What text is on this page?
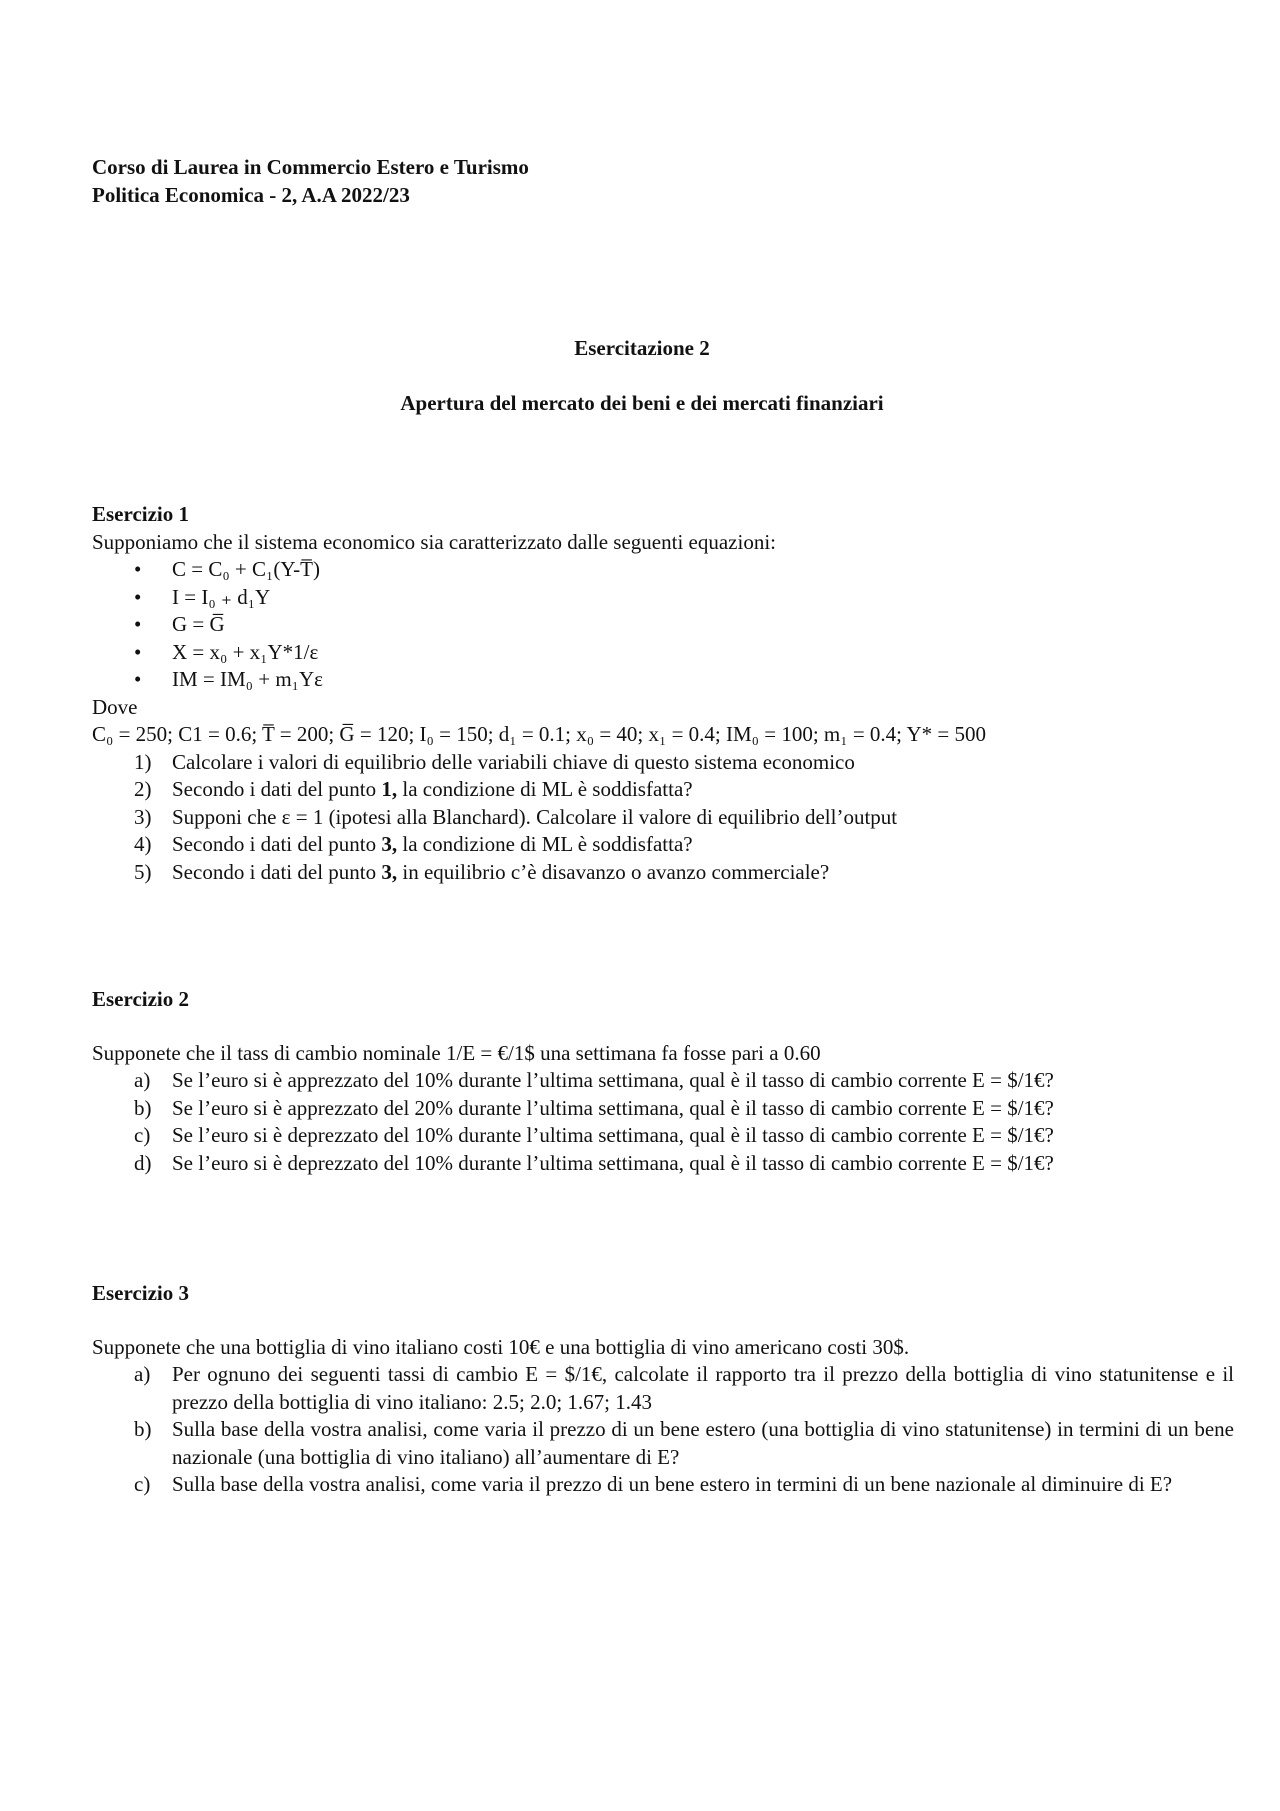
Corso di Laurea in Commercio Estero e Turismo
Politica Economica - 2, A.A 2022/23
Esercitazione 2
Apertura del mercato dei beni e dei mercati finanziari
Esercizio 1
Supponiamo che il sistema economico sia caratterizzato dalle seguenti equazioni:
• C = C₀ + C₁(Y-T̅)
• I = I₀ ₊ d₁Y
• G = G̅
• X = x₀ + x₁Y*1/ε
• IM = IM₀ + m₁Yε
Dove
C₀ = 250; C1 = 0.6; T̅ = 200; G̅ = 120; I₀ = 150; d₁ = 0.1; x₀ = 40; x₁ = 0.4; IM₀ = 100; m₁ = 0.4; Y* = 500
1) Calcolare i valori di equilibrio delle variabili chiave di questo sistema economico
2) Secondo i dati del punto 1, la condizione di ML è soddisfatta?
3) Supponi che ε = 1 (ipotesi alla Blanchard). Calcolare il valore di equilibrio dell’output
4) Secondo i dati del punto 3, la condizione di ML è soddisfatta?
5) Secondo i dati del punto 3, in equilibrio c’è disavanzo o avanzo commerciale?
Esercizio 2
Supponete che il tass di cambio nominale 1/E = €/1$ una settimana fa fosse pari a 0.60
a)	Se l’euro si è apprezzato del 10% durante l’ultima settimana, qual è il tasso di cambio corrente E = $/1€?
b) Se l’euro si è apprezzato del 20% durante l’ultima settimana, qual è il tasso di cambio corrente E = $/1€?
c)	Se l’euro si è deprezzato del 10% durante l’ultima settimana, qual è il tasso di cambio corrente E = $/1€?
d) Se l’euro si è deprezzato del 10% durante l’ultima settimana, qual è il tasso di cambio corrente E = $/1€?
Esercizio 3
Supponete che una bottiglia di vino italiano costi 10€ e una bottiglia di vino americano costi 30$.
a)	Per ognuno dei seguenti tassi di cambio E = $/1€, calcolate il rapporto tra il prezzo della bottiglia di vino statunitense e il prezzo della bottiglia di vino italiano: 2.5; 2.0; 1.67; 1.43
b) Sulla base della vostra analisi, come varia il prezzo di un bene estero (una bottiglia di vino statunitense) in termini di un bene nazionale (una bottiglia di vino italiano) all’aumentare di E?
c)	Sulla base della vostra analisi, come varia il prezzo di un bene estero in termini di un bene nazionale al diminuire di E?
